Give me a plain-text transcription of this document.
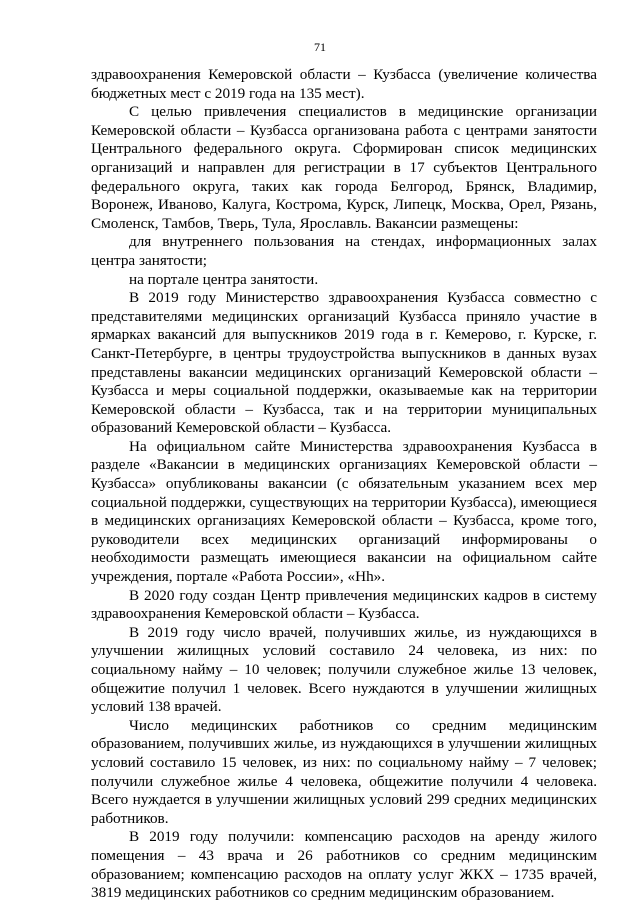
71

здравоохранения Кемеровской области – Кузбасса (увеличение количества бюджетных мест с 2019 года на 135 мест).

С целью привлечения специалистов в медицинские организации Кемеровской области – Кузбасса организована работа с центрами занятости Центрального федерального округа. Сформирован список медицинских организаций и направлен для регистрации в 17 субъектов Центрального федерального округа, таких как города Белгород, Брянск, Владимир, Воронеж, Иваново, Калуга, Кострома, Курск, Липецк, Москва, Орел, Рязань, Смоленск, Тамбов, Тверь, Тула, Ярославль. Вакансии размещены:

для внутреннего пользования на стендах, информационных залах центра занятости;

на портале центра занятости.

В 2019 году Министерство здравоохранения Кузбасса совместно с представителями медицинских организаций Кузбасса приняло участие в ярмарках вакансий для выпускников 2019 года в г. Кемерово, г. Курске, г. Санкт-Петербурге, в центры трудоустройства выпускников в данных вузах представлены вакансии медицинских организаций Кемеровской области – Кузбасса и меры социальной поддержки, оказываемые как на территории Кемеровской области – Кузбасса, так и на территории муниципальных образований Кемеровской области – Кузбасса.

На официальном сайте Министерства здравоохранения Кузбасса в разделе «Вакансии в медицинских организациях Кемеровской области – Кузбасса» опубликованы вакансии (с обязательным указанием всех мер социальной поддержки, существующих на территории Кузбасса), имеющиеся в медицинских организациях Кемеровской области – Кузбасса, кроме того, руководители всех медицинских организаций информированы о необходимости размещать имеющиеся вакансии на официальном сайте учреждения, портале «Работа России», «Hh».

В 2020 году создан Центр привлечения медицинских кадров в систему здравоохранения Кемеровской области – Кузбасса.

В 2019 году число врачей, получивших жилье, из нуждающихся в улучшении жилищных условий составило 24 человека, из них: по социальному найму – 10 человек; получили служебное жилье 13 человек, общежитие получил 1 человек. Всего нуждаются в улучшении жилищных условий 138 врачей.

Число медицинских работников со средним медицинским образованием, получивших жилье, из нуждающихся в улучшении жилищных условий составило 15 человек, из них: по социальному найму – 7 человек; получили служебное жилье 4 человека, общежитие получили 4 человека. Всего нуждается в улучшении жилищных условий 299 средних медицинских работников.

В 2019 году получили: компенсацию расходов на аренду жилого помещения – 43 врача и 26 работников со средним медицинским образованием; компенсацию расходов на оплату услуг ЖКХ – 1735 врачей, 3819 медицинских работников со средним медицинским образованием.
